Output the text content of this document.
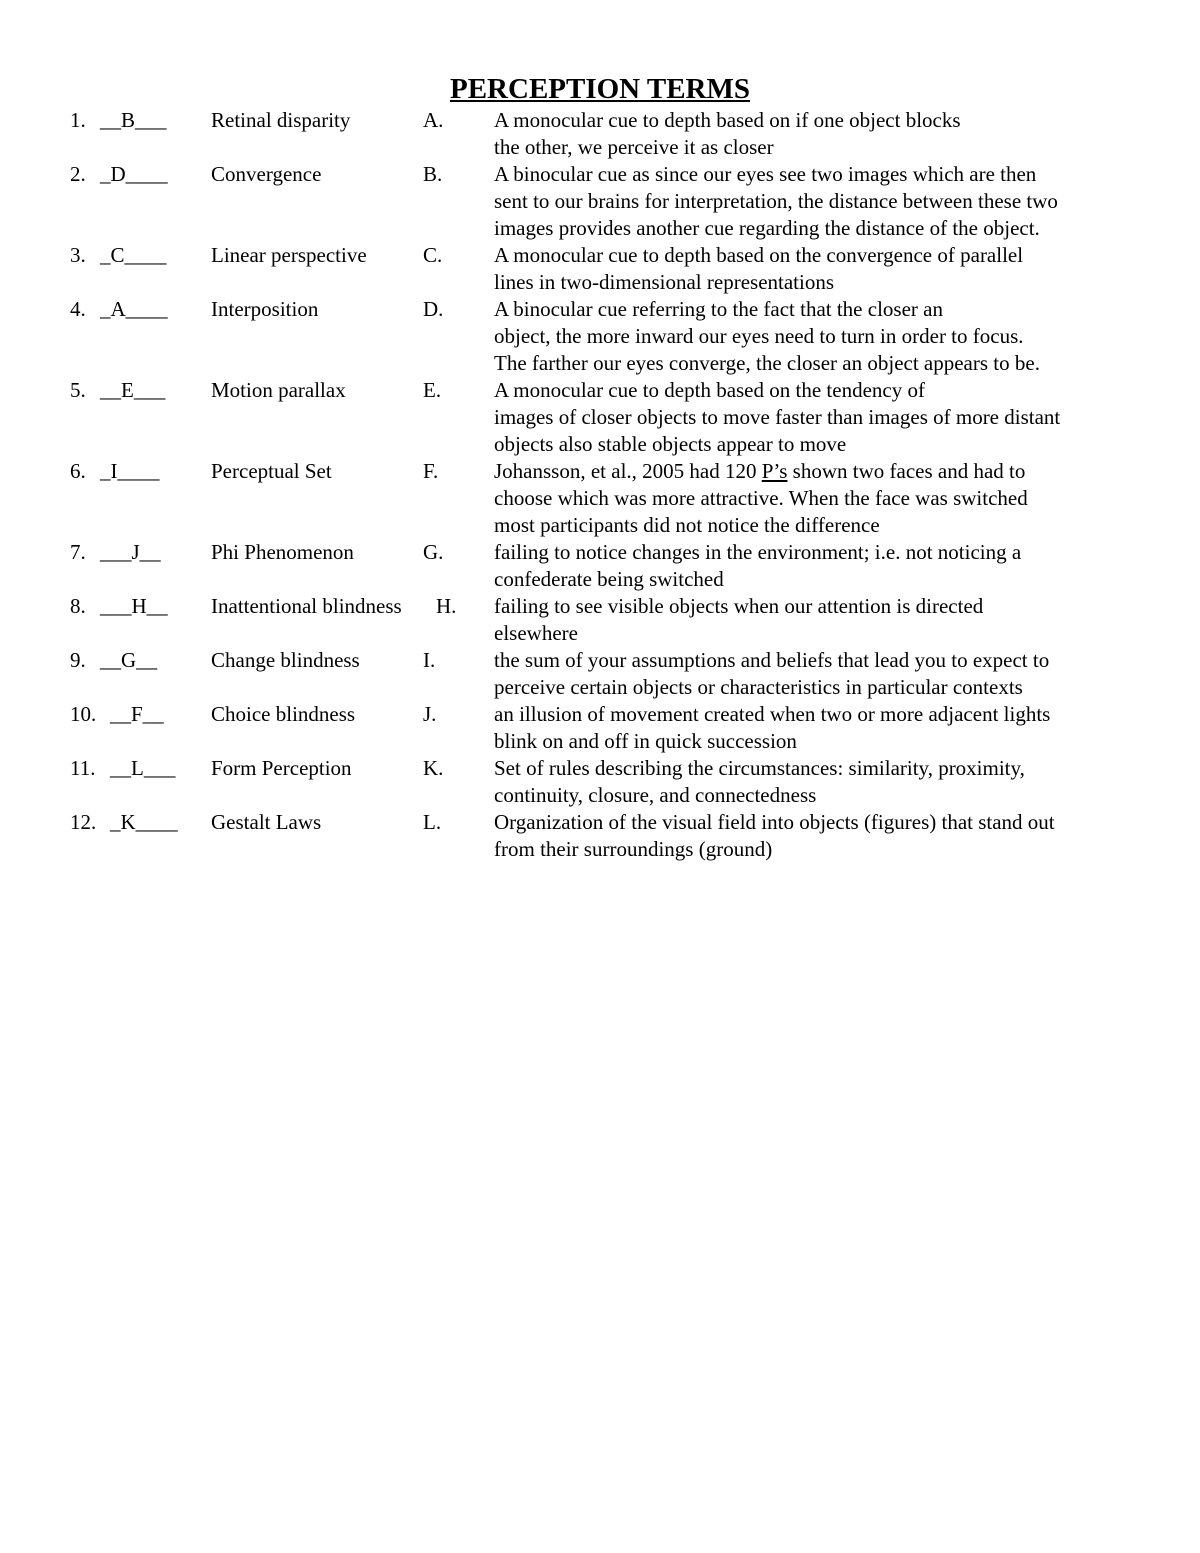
PERCEPTION TERMS
1. __B___ Retinal disparity	A. A monocular cue to depth based on if one object blocks
the other, we perceive it as closer
2. _D____ Convergence	B. A binocular cue as since our eyes see two images which are then
sent to our brains for interpretation, the distance between these two
images provides another cue regarding the distance of the object.
3. _C____ Linear perspective	C. A monocular cue to depth based on the convergence of parallel
lines in two-dimensional representations
4. _A____ Interposition	D. A binocular cue referring to the fact that the closer an
object, the more inward our eyes need to turn in order to focus.
The farther our eyes converge, the closer an object appears to be.
5. __E___ Motion parallax	E.	A monocular cue to depth based on the tendency of
images of closer objects to move faster than images of more distant
objects also stable objects appear to move
6. _I____ Perceptual Set	F.	Johansson, et al., 2005 had 120 P’s shown two faces and had to
choose which was more attractive. When the face was switched
most participants did not notice the difference
7. ___J__ Phi Phenomenon	G. failing to notice changes in the environment; i.e. not noticing a
confederate being switched
8. ___H__ Inattentional blindness H. failing to see visible objects when our attention is directed
elsewhere
9. __G__	Change blindness	I.	the sum of your assumptions and beliefs that lead you to expect to
perceive certain objects or characteristics in particular contexts
10. __F__ Choice blindness	J.	an illusion of movement created when two or more adjacent lights
blink on and off in quick succession
11. __L___ Form Perception	K. Set of rules describing the circumstances: similarity, proximity,
continuity, closure, and connectedness
12. _K____ Gestalt Laws	L.	Organization of the visual field into objects (figures) that stand out
from their surroundings (ground)
